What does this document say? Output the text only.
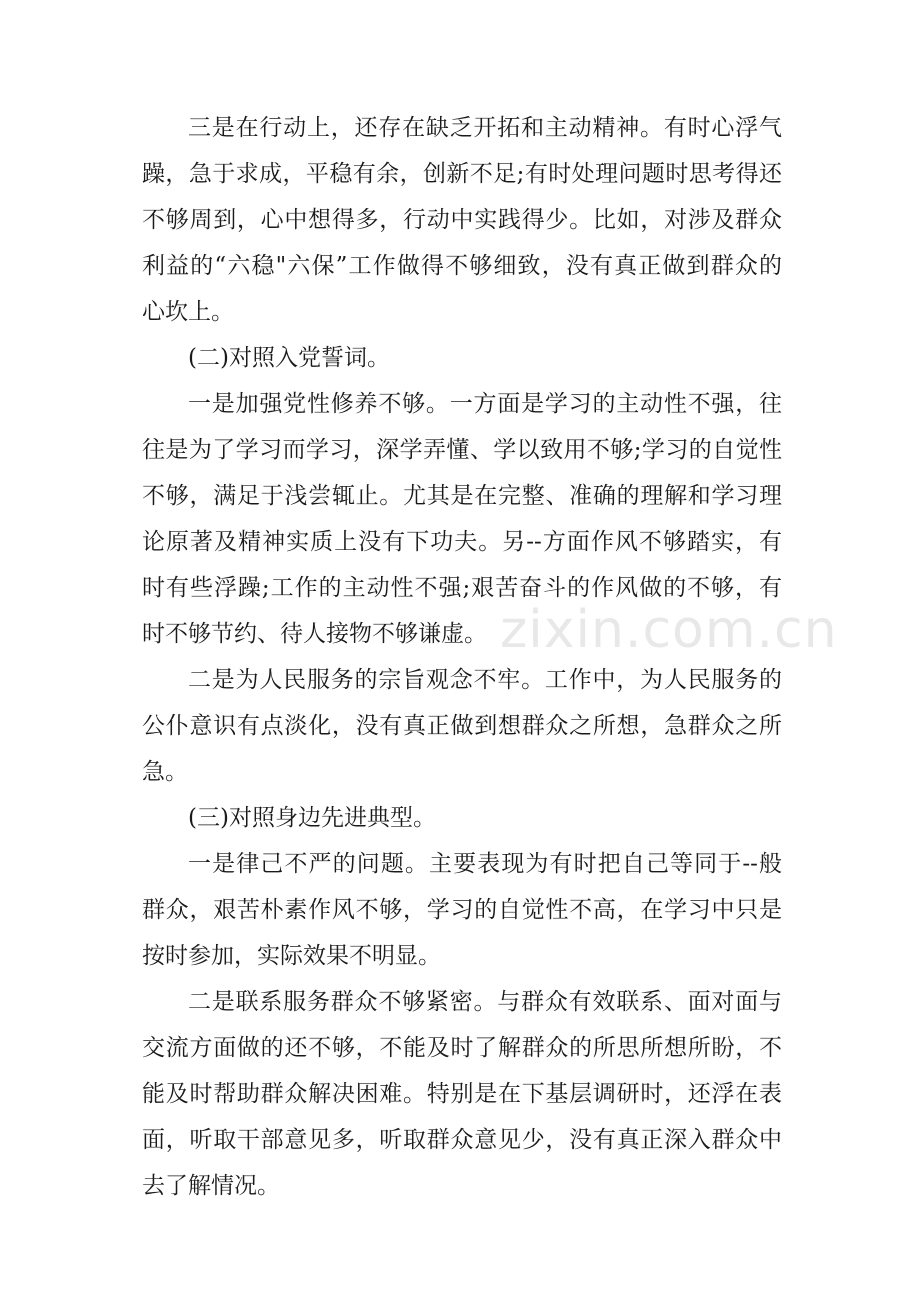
zixin.com.cn
三是在行动上，还存在缺乏开拓和主动精神。有时心浮气
躁，急于求成，平稳有余，创新不足;有时处理问题时思考得还
不够周到，心中想得多，行动中实践得少。比如，对涉及群众
利益的“六稳"六保”工作做得不够细致，没有真正做到群众的
心坎上。
(二)对照入党誓词。
一是加强党性修养不够。一方面是学习的主动性不强，往
往是为了学习而学习，深学弄懂、学以致用不够;学习的自觉性
不够，满足于浅尝辄止。尤其是在完整、准确的理解和学习理
论原著及精神实质上没有下功夫。另--方面作风不够踏实，有
时有些浮躁;工作的主动性不强;艰苦奋斗的作风做的不够，有
时不够节约、待人接物不够谦虚。
二是为人民服务的宗旨观念不牢。工作中，为人民服务的
公仆意识有点淡化，没有真正做到想群众之所想，急群众之所
急。
(三)对照身边先进典型。
一是律己不严的问题。主要表现为有时把自己等同于--般
群众，艰苦朴素作风不够，学习的自觉性不高，在学习中只是
按时参加，实际效果不明显。
二是联系服务群众不够紧密。与群众有效联系、面对面与
交流方面做的还不够，不能及时了解群众的所思所想所盼，不
能及时帮助群众解决困难。特别是在下基层调研时，还浮在表
面，听取干部意见多，听取群众意见少，没有真正深入群众中
去了解情况。
